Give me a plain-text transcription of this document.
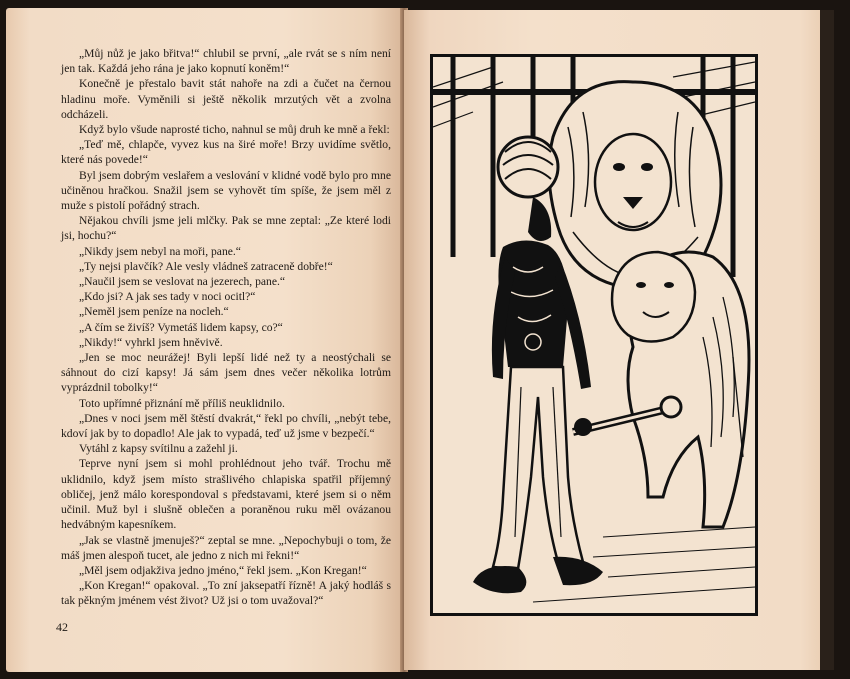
„Můj nůž je jako břitva!“ chlubil se první, „ale rvát se s ním není jen tak. Každá jeho rána je jako kopnutí koněm!“

Konečně je přestalo bavit stát nahoře na zdi a čučet na černou hladinu moře. Vyměnili si ještě několik mrzutých vět a zvolna odcházeli.

Když bylo všude naprosté ticho, nahnul se můj druh ke mně a řekl:

„Teď mě, chlapče, vyvez kus na širé moře! Brzy uvidíme světlo, které nás povede!“

Byl jsem dobrým veslařem a veslování v klidné vodě bylo pro mne učiněnou hračkou. Snažil jsem se vyhovět tím spíše, že jsem měl z muže s pistolí pořádný strach.

Nějakou chvíli jsme jeli mlčky. Pak se mne zeptal: „Ze které lodi jsi, hochu?“

„Nikdy jsem nebyl na moři, pane.“

„Ty nejsi plavčík? Ale vesly vládneš zatraceně dobře!“

„Naučil jsem se veslovat na jezerech, pane.“

„Kdo jsi? A jak ses tady v noci ocitl?“

„Neměl jsem peníze na nocleh.“

„A čím se živíš? Vymetáš lidem kapsy, co?“

„Nikdy!“ vyhrkl jsem hněvivě.

„Jen se moc neurážej! Byli lepší lidé než ty a neostýchali se sáhnout do cizí kapsy! Já sám jsem dnes večer několika lotrům vyprázdnil tobolky!“

Toto upřímné přiznání mě příliš neuklidnilo.

„Dnes v noci jsem měl štěstí dvakrát,“ řekl po chvíli, „nebýt tebe, kdoví jak by to dopadlo! Ale jak to vypadá, teď už jsme v bezpečí.“

Vytáhl z kapsy svítilnu a zažehl ji.

Teprve nyní jsem si mohl prohlédnout jeho tvář. Trochu mě uklidnilo, když jsem místo strašlivého chlapiska spatřil příjemný obličej, jenž málo korespondoval s představami, které jsem si o něm učinil. Muž byl i slušně oblečen a poraněnou ruku měl ovázanou hedvábným kapesníkem.

„Jak se vlastně jmenuješ?“ zeptal se mne. „Nepochybuji o tom, že máš jmen alespoň tucet, ale jedno z nich mi řekni!“

„Měl jsem odjakživa jedno jméno,“ řekl jsem. „Kon Kregan!“

„Kon Kregan!“ opakoval. „To zní jaksepatří řízně! A jaký hodláš s tak pěkným jménem vést život? Už jsi o tom uvažoval?“

42
